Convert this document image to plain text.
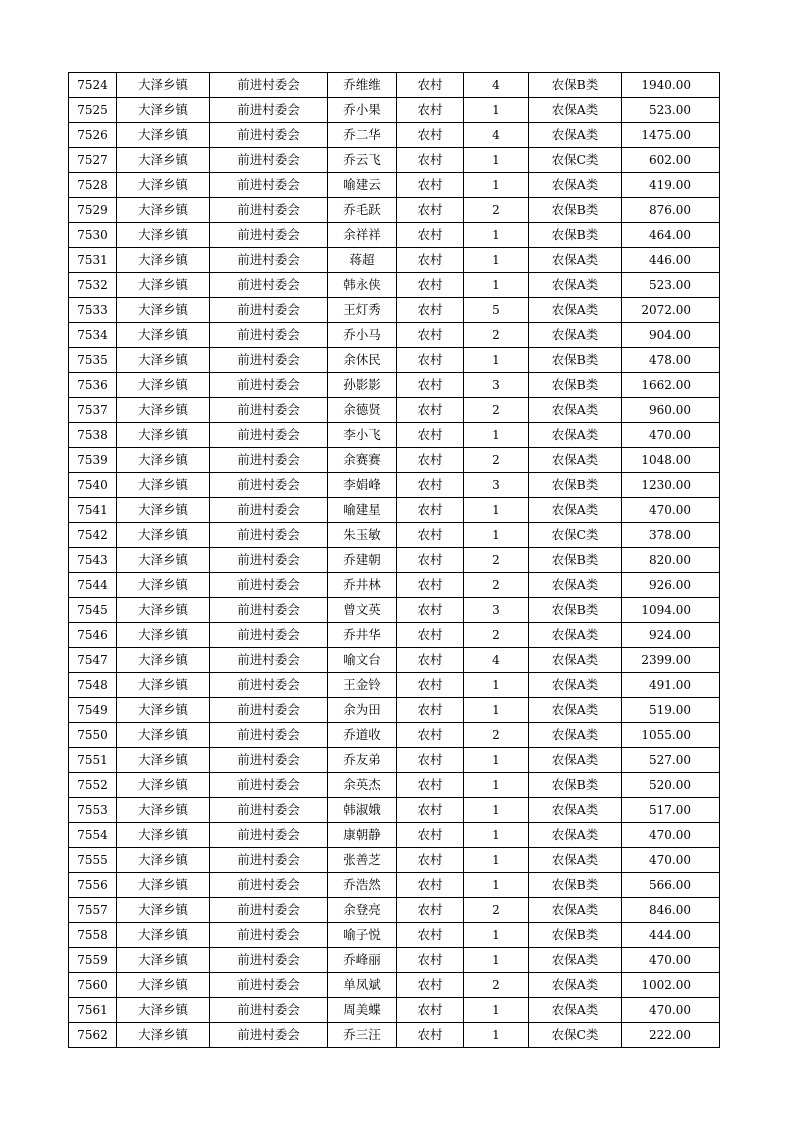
7524	大泽乡镇	前进村委会	乔维维	农村	4	农保B类	1940.00
7525	大泽乡镇	前进村委会	乔小果	农村	1	农保A类	523.00
7526	大泽乡镇	前进村委会	乔二华	农村	4	农保A类	1475.00
7527	大泽乡镇	前进村委会	乔云飞	农村	1	农保C类	602.00
7528	大泽乡镇	前进村委会	喻建云	农村	1	农保A类	419.00
7529	大泽乡镇	前进村委会	乔毛跃	农村	2	农保B类	876.00
7530	大泽乡镇	前进村委会	余祥祥	农村	1	农保B类	464.00
7531	大泽乡镇	前进村委会	蒋超	农村	1	农保A类	446.00
7532	大泽乡镇	前进村委会	韩永侠	农村	1	农保A类	523.00
7533	大泽乡镇	前进村委会	王灯秀	农村	5	农保A类	2072.00
7534	大泽乡镇	前进村委会	乔小马	农村	2	农保A类	904.00
7535	大泽乡镇	前进村委会	余休民	农村	1	农保B类	478.00
7536	大泽乡镇	前进村委会	孙影影	农村	3	农保B类	1662.00
7537	大泽乡镇	前进村委会	余德贤	农村	2	农保A类	960.00
7538	大泽乡镇	前进村委会	李小飞	农村	1	农保A类	470.00
7539	大泽乡镇	前进村委会	余赛赛	农村	2	农保A类	1048.00
7540	大泽乡镇	前进村委会	李娟峰	农村	3	农保B类	1230.00
7541	大泽乡镇	前进村委会	喻建星	农村	1	农保A类	470.00
7542	大泽乡镇	前进村委会	朱玉敏	农村	1	农保C类	378.00
7543	大泽乡镇	前进村委会	乔建朝	农村	2	农保B类	820.00
7544	大泽乡镇	前进村委会	乔井林	农村	2	农保A类	926.00
7545	大泽乡镇	前进村委会	曾文英	农村	3	农保B类	1094.00
7546	大泽乡镇	前进村委会	乔井华	农村	2	农保A类	924.00
7547	大泽乡镇	前进村委会	喻文台	农村	4	农保A类	2399.00
7548	大泽乡镇	前进村委会	王金铃	农村	1	农保A类	491.00
7549	大泽乡镇	前进村委会	余为田	农村	1	农保A类	519.00
7550	大泽乡镇	前进村委会	乔道收	农村	2	农保A类	1055.00
7551	大泽乡镇	前进村委会	乔友弟	农村	1	农保A类	527.00
7552	大泽乡镇	前进村委会	余英杰	农村	1	农保B类	520.00
7553	大泽乡镇	前进村委会	韩淑娥	农村	1	农保A类	517.00
7554	大泽乡镇	前进村委会	康朝静	农村	1	农保A类	470.00
7555	大泽乡镇	前进村委会	张善芝	农村	1	农保A类	470.00
7556	大泽乡镇	前进村委会	乔浩然	农村	1	农保B类	566.00
7557	大泽乡镇	前进村委会	余登亮	农村	2	农保A类	846.00
7558	大泽乡镇	前进村委会	喻子悦	农村	1	农保B类	444.00
7559	大泽乡镇	前进村委会	乔峰丽	农村	1	农保A类	470.00
7560	大泽乡镇	前进村委会	单凤斌	农村	2	农保A类	1002.00
7561	大泽乡镇	前进村委会	周美蝶	农村	1	农保A类	470.00
7562	大泽乡镇	前进村委会	乔三汪	农村	1	农保C类	222.00
